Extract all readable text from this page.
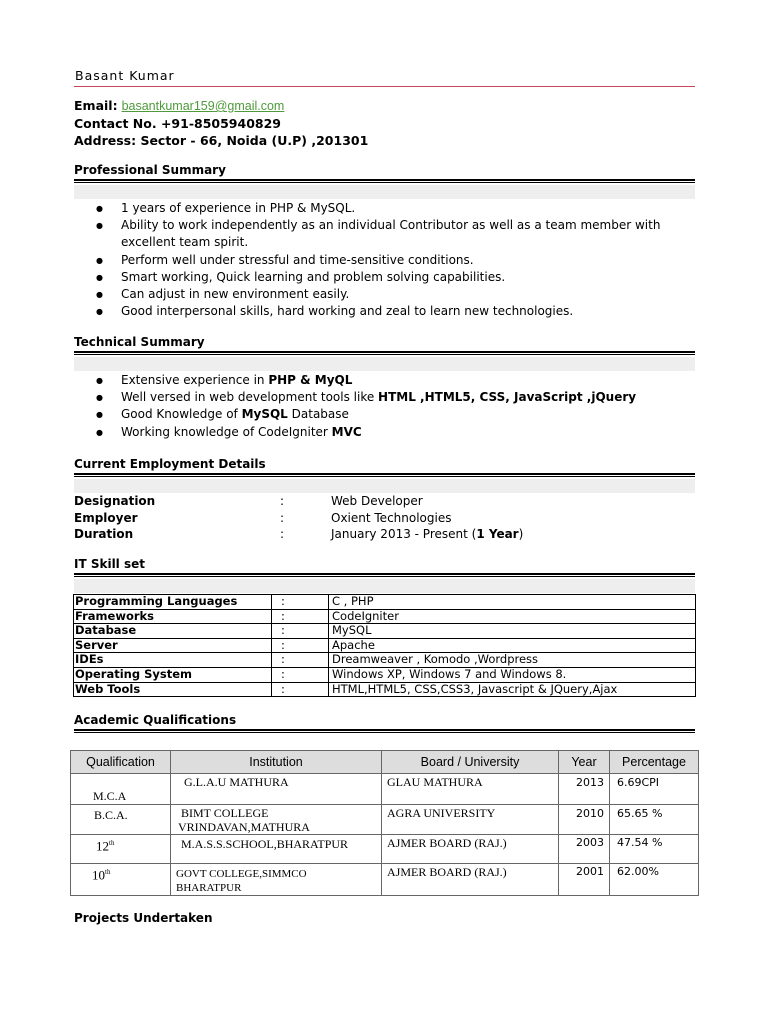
Basant Kumar
Email: basantkumar159@gmail.com
Contact No. +91-8505940829
Address: Sector - 66, Noida (U.P) ,201301
Professional Summary
● 1 years of experience in PHP & MySQL.
● Ability to work independently as an individual Contributor as well as a team member with excellent team spirit.
● Perform well under stressful and time-sensitive conditions.
● Smart working, Quick learning and problem solving capabilities.
● Can adjust in new environment easily.
● Good interpersonal skills, hard working and zeal to learn new technologies.
Technical Summary
● Extensive experience in PHP & MyQL
● Well versed in web development tools like HTML ,HTML5, CSS, JavaScript ,jQuery
● Good Knowledge of MySQL Database
● Working knowledge of CodeIgniter MVC
Current Employment Details
Designation	:	Web Developer
Employer	:	Oxient Technologies
Duration	:	January 2013 - Present (1 Year)
IT Skill set
Programming Languages	:	C , PHP
Frameworks	:	CodeIgniter
Database	:	MySQL
Server	:	Apache
IDEs	:	Dreamweaver , Komodo ,Wordpress
Operating System	:	Windows XP, Windows 7 and Windows 8.
Web Tools	:	HTML,HTML5, CSS,CSS3, Javascript & JQuery,Ajax
Academic Qualifications
Qualification	Institution	Board / University	Year	Percentage

M.C.A	G.L.A.U MATHURA	GLAU MATHURA	2013	6.69CPI

B.C.A.	BIMT COLLEGE
VRINDAVAN,MATHURA	AGRA UNIVERSITY	2010	65.65 %

12th	M.A.S.S.SCHOOL,BHARATPUR	AJMER BOARD (RAJ.)	2003	47.54 %

10th	GOVT COLLEGE,SIMMCO
BHARATPUR	AJMER BOARD (RAJ.)	2001	62.00%
Projects Undertaken
